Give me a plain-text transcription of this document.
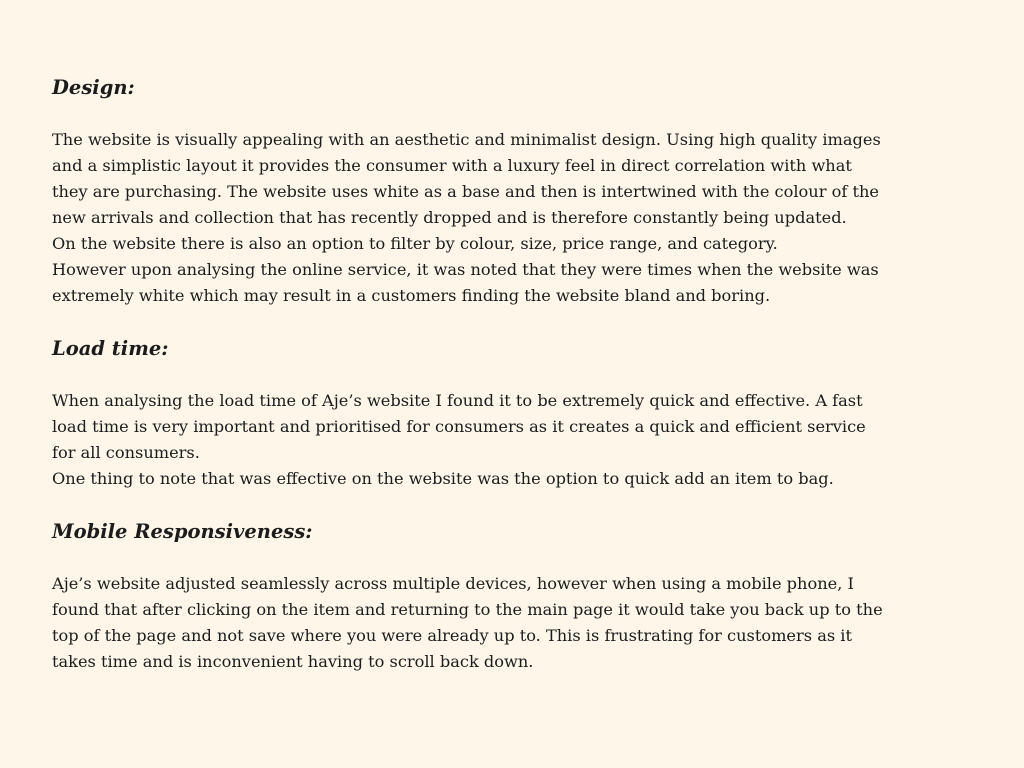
Design:

The website is visually appealing with an aesthetic and minimalist design. Using high quality images
and a simplistic layout it provides the consumer with a luxury feel in direct correlation with what
they are purchasing. The website uses white as a base and then is intertwined with the colour of the
new arrivals and collection that has recently dropped and is therefore constantly being updated.
On the website there is also an option to filter by colour, size, price range, and category.
However upon analysing the online service, it was noted that they were times when the website was
extremely white which may result in a customers finding the website bland and boring.

Load time:

When analysing the load time of Aje’s website I found it to be extremely quick and effective. A fast
load time is very important and prioritised for consumers as it creates a quick and efficient service
for all consumers.
One thing to note that was effective on the website was the option to quick add an item to bag.

Mobile Responsiveness:

Aje’s website adjusted seamlessly across multiple devices, however when using a mobile phone, I
found that after clicking on the item and returning to the main page it would take you back up to the
top of the page and not save where you were already up to. This is frustrating for customers as it
takes time and is inconvenient having to scroll back down.
